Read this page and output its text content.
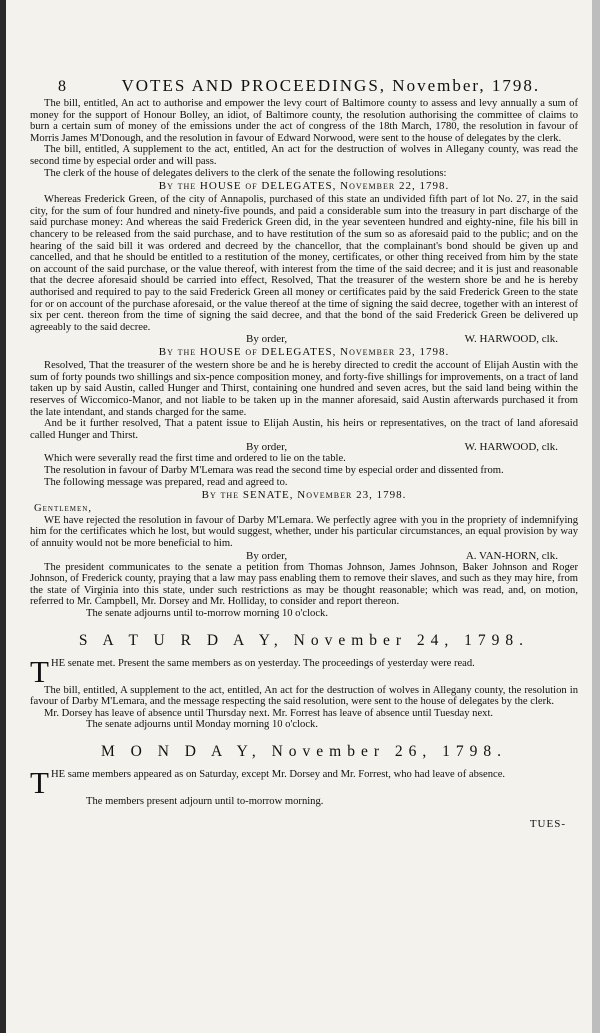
8	VOTES AND PROCEEDINGS, November, 1798.

The bill, entitled, An act to authorise and empower the levy court of Baltimore county to assess and levy annually a sum of money for the support of Honour Bolley, an idiot, of Baltimore county, the resolution authorising the committee of claims to burn a certain sum of money of the emissions under the act of congress of the 18th March, 1780, the resolution in favour of Morris James M'Donough, and the resolution in favour of Edward Norwood, were sent to the house of delegates by the clerk.

The bill, entitled, A supplement to the act, entitled, An act for the destruction of wolves in Allegany county, was read the second time by especial order and will pass.

The clerk of the house of delegates delivers to the clerk of the senate the following resolutions:

By the HOUSE of DELEGATES, November 22, 1798.

Whereas Frederick Green, of the city of Annapolis, purchased of this state an undivided fifth part of lot No. 27, in the said city, for the sum of four hundred and ninety-five pounds, and paid a considerable sum into the treasury in part discharge of the said purchase money: And whereas the said Frederick Green did, in the year seventeen hundred and eighty-nine, file his bill in chancery to be released from the said purchase, and to have restitution of the sum so as aforesaid paid to the public; and on the hearing of the said bill it was ordered and decreed by the chancellor, that the complainant's bond should be given up and cancelled, and that he should be entitled to a restitution of the money, certificates, or other thing received from him by the state on account of the said purchase, or the value thereof, with interest from the time of the said decree; and it is just and reasonable that the decree aforesaid should be carried into effect, Resolved, That the treasurer of the western shore be and he is hereby authorised and required to pay to the said Frederick Green all money or certificates paid by the said Frederick Green to the state for or on account of the purchase aforesaid, or the value thereof at the time of signing the said decree, together with an interest of six per cent. thereon from the time of signing the said decree, and that the bond of the said Frederick Green be delivered up agreeably to the said decree.

By order,	W. HARWOOD, clk.
By the HOUSE of DELEGATES, November 23, 1798.

Resolved, That the treasurer of the western shore be and he is hereby directed to credit the account of Elijah Austin with the sum of forty pounds two shillings and six-pence composition money, and forty-five shillings for improvements, on a tract of land taken up by said Austin, called Hunger and Thirst, containing one hundred and seven acres, but the said land being within the reserves of Wiccomico-Manor, and not liable to be taken up in the manner aforesaid, said Austin afterwards purchased it from the late intendant, and stands charged for the same.

And be it further resolved, That a patent issue to Elijah Austin, his heirs or representatives, on the tract of land aforesaid called Hunger and Thirst.

By order,	W. HARWOOD, clk.

Which were severally read the first time and ordered to lie on the table.

The resolution in favour of Darby M'Lemara was read the second time by especial order and dissented from.

The following message was prepared, read and agreed to.

By the SENATE, November 23, 1798.

Gentlemen,

WE have rejected the resolution in favour of Darby M'Lemara. We perfectly agree with you in the propriety of indemnifying him for the certificates which he lost, but would suggest, whether, under his particular circumstances, an equal provision by way of annuity would not be more beneficial to him.

By order,	A. VAN-HORN, clk.

The president communicates to the senate a petition from Thomas Johnson, James Johnson, Baker Johnson and Roger Johnson, of Frederick county, praying that a law may pass enabling them to remove their slaves, and such as they may hire, from the state of Virginia into this state, under such restrictions as may be thought reasonable; which was read, and, on motion, referred to Mr. Campbell, Mr. Dorsey and Mr. Holliday, to consider and report thereon.

The senate adjourns until to-morrow morning 10 o'clock.

S A T U R D A Y, November 24, 1798.

THE senate met. Present the same members as on yesterday. The proceedings of yesterday were read.

The bill, entitled, A supplement to the act, entitled, An act for the destruction of wolves in Allegany county, the resolution in favour of Darby M'Lemara, and the message respecting the said resolution, were sent to the house of delegates by the clerk.

Mr. Dorsey has leave of absence until Thursday next. Mr. Forrest has leave of absence until Tuesday next.

The senate adjourns until Monday morning 10 o'clock.

M O N D A Y, November 26, 1798.

THE same members appeared as on Saturday, except Mr. Dorsey and Mr. Forrest, who had leave of absence.

The members present adjourn until to-morrow morning.

TUES-
